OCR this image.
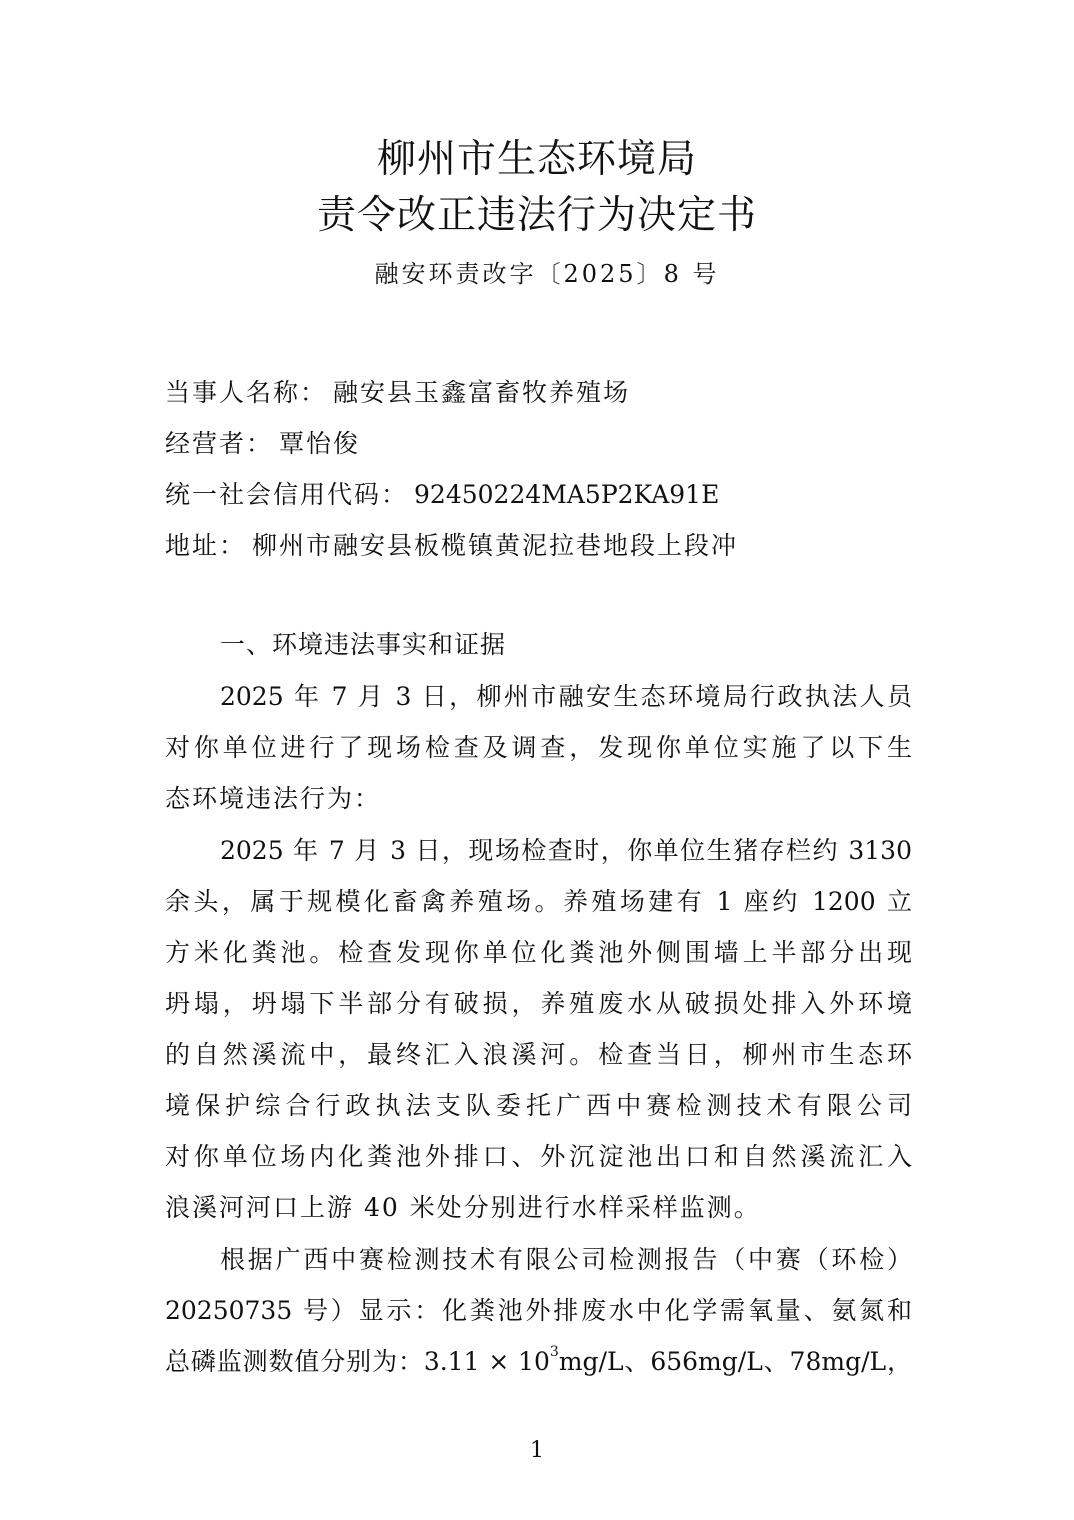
柳州市生态环境局
责令改正违法行为决定书
融安环责改字〔2025〕8 号
当事人名称： 融安县玉鑫富畜牧养殖场
经营者： 覃怡俊
统一社会信用代码： 92450224MA5P2KA91E
地址： 柳州市融安县板榄镇黄泥拉巷地段上段冲
一、环境违法事实和证据
2025 年 7 月 3 日，柳州市融安生态环境局行政执法人员
对你单位进行了现场检查及调查，发现你单位实施了以下生
态环境违法行为：
2025 年 7 月 3 日，现场检查时，你单位生猪存栏约 3130
余头，属于规模化畜禽养殖场。养殖场建有 1 座约 1200 立
方米化粪池。检查发现你单位化粪池外侧围墙上半部分出现
坍塌，坍塌下半部分有破损，养殖废水从破损处排入外环境
的自然溪流中，最终汇入浪溪河。检查当日，柳州市生态环
境保护综合行政执法支队委托广西中赛检测技术有限公司
对你单位场内化粪池外排口、外沉淀池出口和自然溪流汇入
浪溪河河口上游 40 米处分别进行水样采样监测。
根据广西中赛检测技术有限公司检测报告（中赛（环检）
20250735 号）显示：化粪池外排废水中化学需氧量、氨氮和
总磷监测数值分别为：$3.11 \times 10^3mg/L$、656mg/L、78mg/L，
1
